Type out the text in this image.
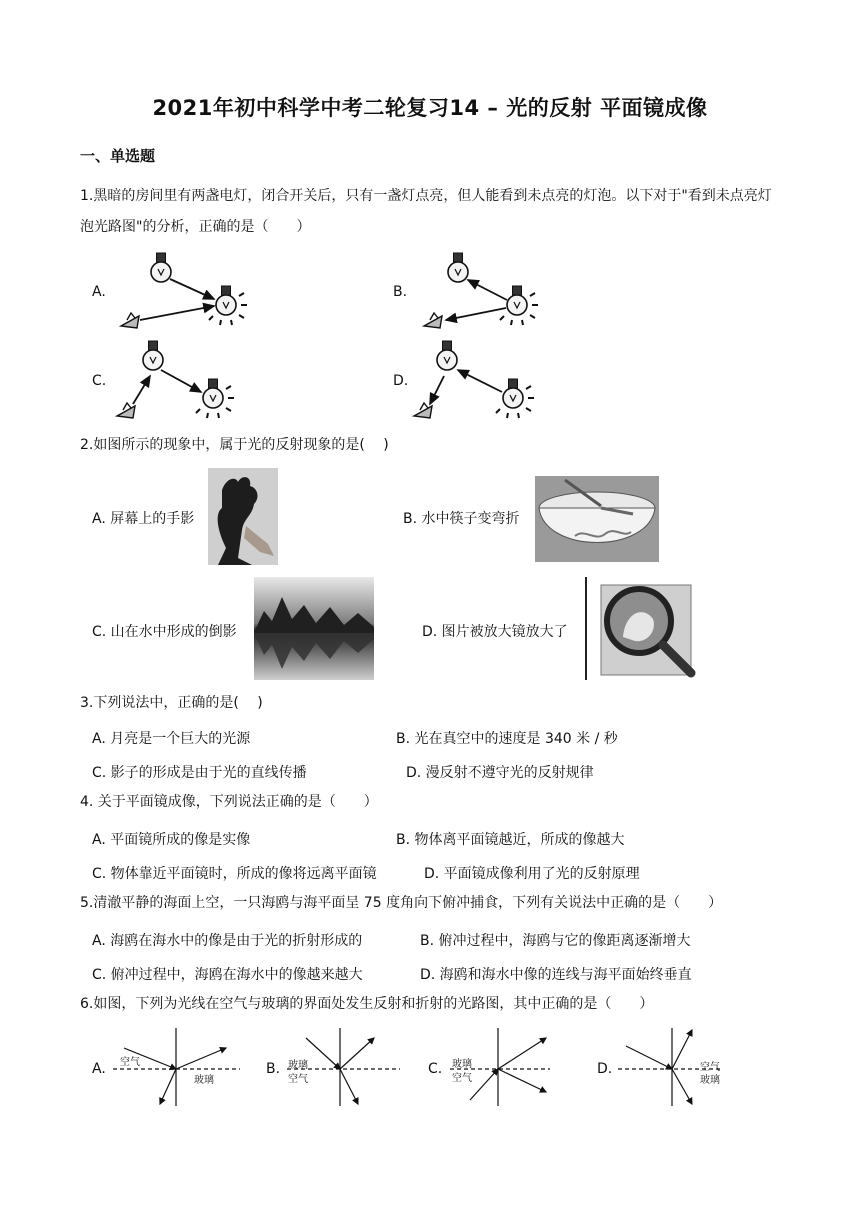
2021年初中科学中考二轮复习14 – 光的反射 平面镜成像
一、单选题
1.黑暗的房间里有两盏电灯，闭合开关后，只有一盏灯点亮，但人能看到未点亮的灯泡。以下对于"看到未点亮灯泡光路图"的分析，正确的是（　　）
A.	B.
C.	D.
2.如图所示的现象中，属于光的反射现象的是(　 )
A. 屏幕上的手影	B. 水中筷子变弯折
C. 山在水中形成的倒影	D. 图片被放大镜放大了
3.下列说法中，正确的是(　 )
A. 月亮是一个巨大的光源	B. 光在真空中的速度是 340 米 / 秒
C. 影子的形成是由于光的直线传播	D. 漫反射不遵守光的反射规律
4. 关于平面镜成像，下列说法正确的是（　　）
A. 平面镜所成的像是实像	B. 物体离平面镜越近，所成的像越大
C. 物体靠近平面镜时，所成的像将远离平面镜	D. 平面镜成像利用了光的反射原理
5.清澈平静的海面上空，一只海鸥与海平面呈 75 度角向下俯冲捕食，下列有关说法中正确的是（　　）
A. 海鸥在海水中的像是由于光的折射形成的	B. 俯冲过程中，海鸥与它的像距离逐渐增大
C. 俯冲过程中，海鸥在海水中的像越来越大	D. 海鸥和海水中像的连线与海平面始终垂直
6.如图，下列为光线在空气与玻璃的界面处发生反射和折射的光路图，其中正确的是（　　）
A.	B.	C.	D.
空气
玻璃
玻璃
空气
玻璃
空气
空气
玻璃
